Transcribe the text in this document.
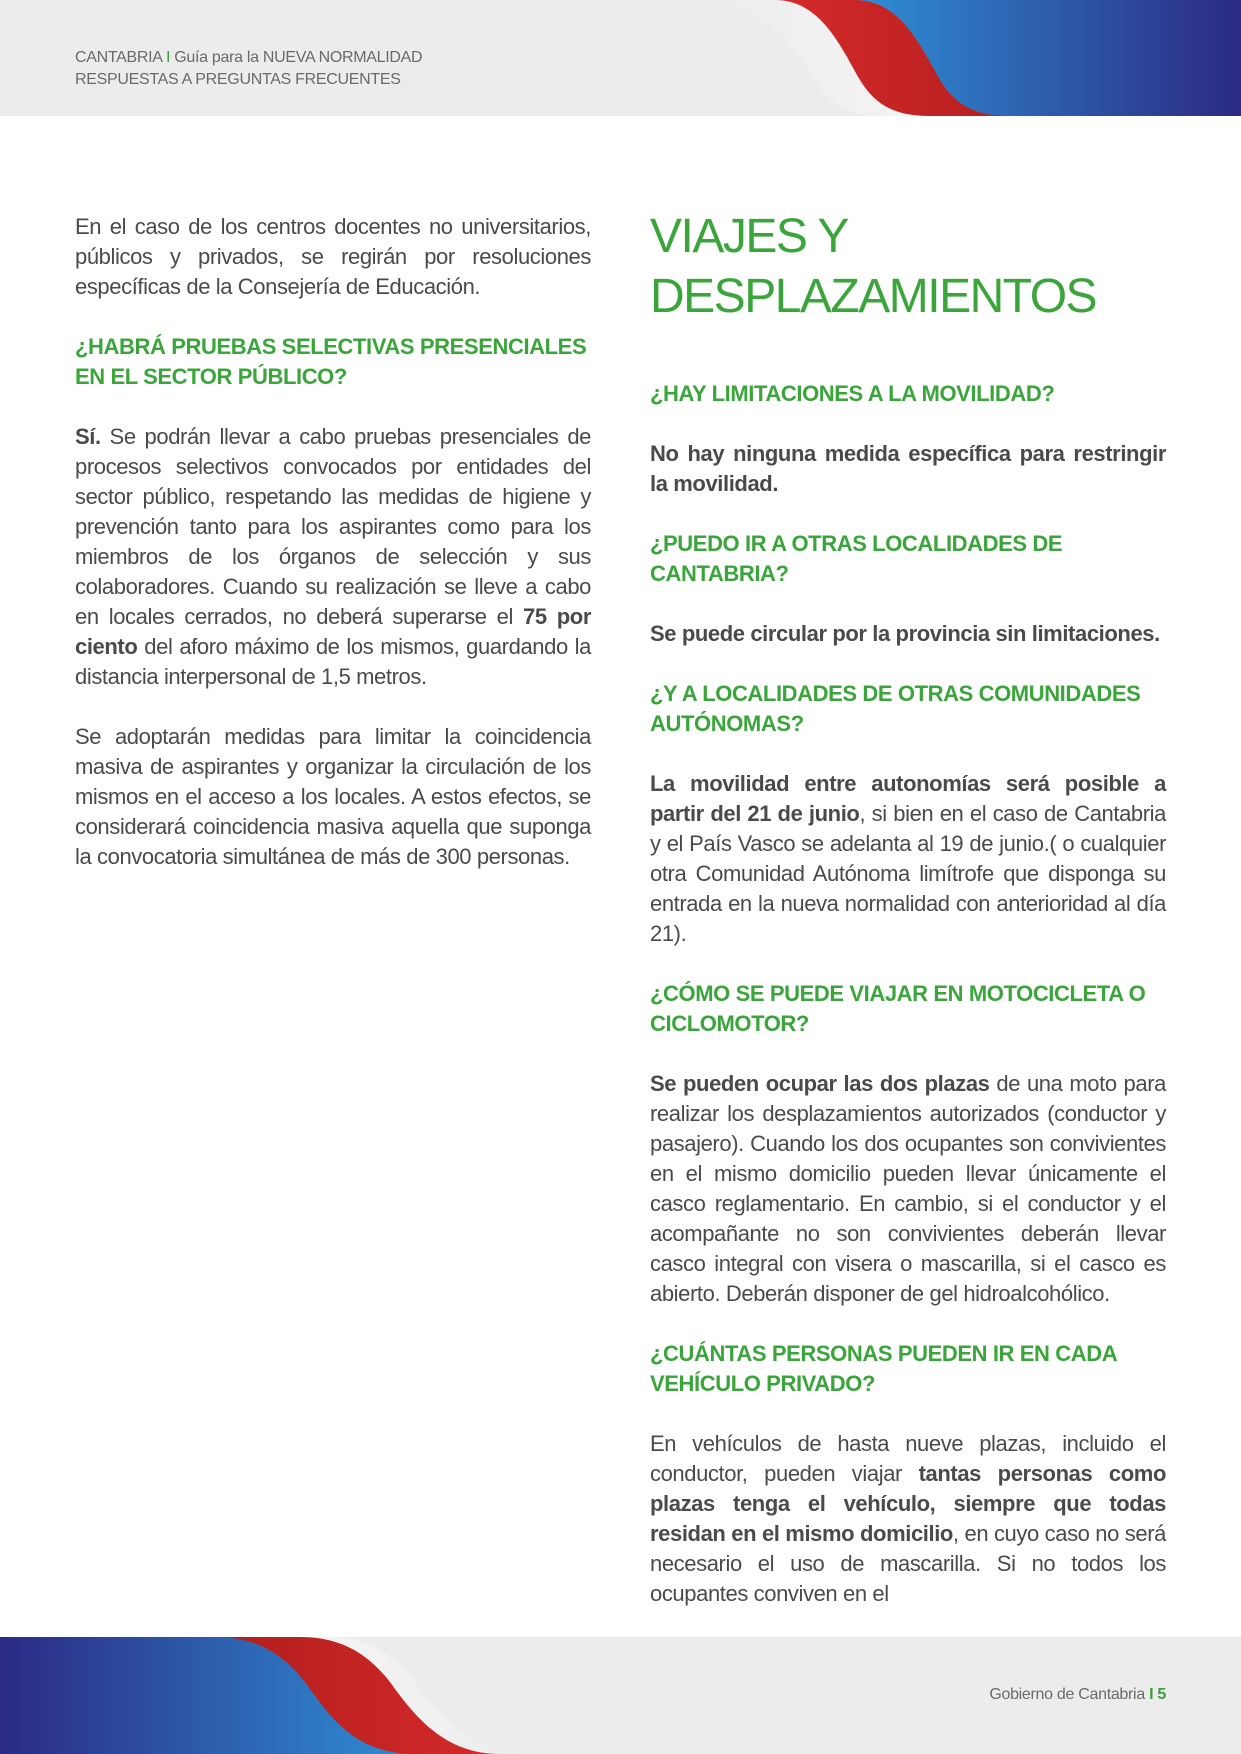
CANTABRIA I Guía para la NUEVA NORMALIDAD
RESPUESTAS A PREGUNTAS FRECUENTES

En el caso de los centros docentes no universitarios, públicos y privados, se regirán por resoluciones específicas de la Consejería de Educación.

¿HABRÁ PRUEBAS SELECTIVAS PRESENCIALES EN EL SECTOR PÚBLICO?

Sí. Se podrán llevar a cabo pruebas presenciales de procesos selectivos convocados por entidades del sector público, respetando las medidas de higiene y prevención tanto para los aspirantes como para los miembros de los órganos de selección y sus colaboradores. Cuando su realización se lleve a cabo en locales cerrados, no deberá superarse el 75 por ciento del aforo máximo de los mismos, guardando la distancia interpersonal de 1,5 metros.

Se adoptarán medidas para limitar la coincidencia masiva de aspirantes y organizar la circulación de los mismos en el acceso a los locales. A estos efectos, se considerará coincidencia masiva aquella que suponga la convocatoria simultánea de más de 300 personas.

VIAJES Y
DESPLAZAMIENTOS
¿HAY LIMITACIONES A LA MOVILIDAD?

No hay ninguna medida específica para restringir la movilidad.

¿PUEDO IR A OTRAS LOCALIDADES DE CANTABRIA?

Se puede circular por la provincia sin limitaciones.

¿Y A LOCALIDADES DE OTRAS COMUNIDADES AUTÓNOMAS?

La movilidad entre autonomías será posible a partir del 21 de junio, si bien en el caso de Cantabria y el País Vasco se adelanta al 19 de junio.( o cualquier otra Comunidad Autónoma limítrofe que disponga su entrada en la nueva normalidad con anterioridad al día 21).

¿CÓMO SE PUEDE VIAJAR EN MOTOCICLETA O CICLOMOTOR?

Se pueden ocupar las dos plazas de una moto para realizar los desplazamientos autorizados (conductor y pasajero). Cuando los dos ocupantes son convivientes en el mismo domicilio pueden llevar únicamente el casco reglamentario. En cambio, si el conductor y el acompañante no son convivientes deberán llevar casco integral con visera o mascarilla, si el casco es abierto. Deberán disponer de gel hidroalcohólico.

¿CUÁNTAS PERSONAS PUEDEN IR EN CADA VEHÍCULO PRIVADO?

En vehículos de hasta nueve plazas, incluido el conductor, pueden viajar tantas personas como plazas tenga el vehículo, siempre que todas residan en el mismo domicilio, en cuyo caso no será necesario el uso de mascarilla. Si no todos los ocupantes conviven en el

Gobierno de Cantabria I 5
